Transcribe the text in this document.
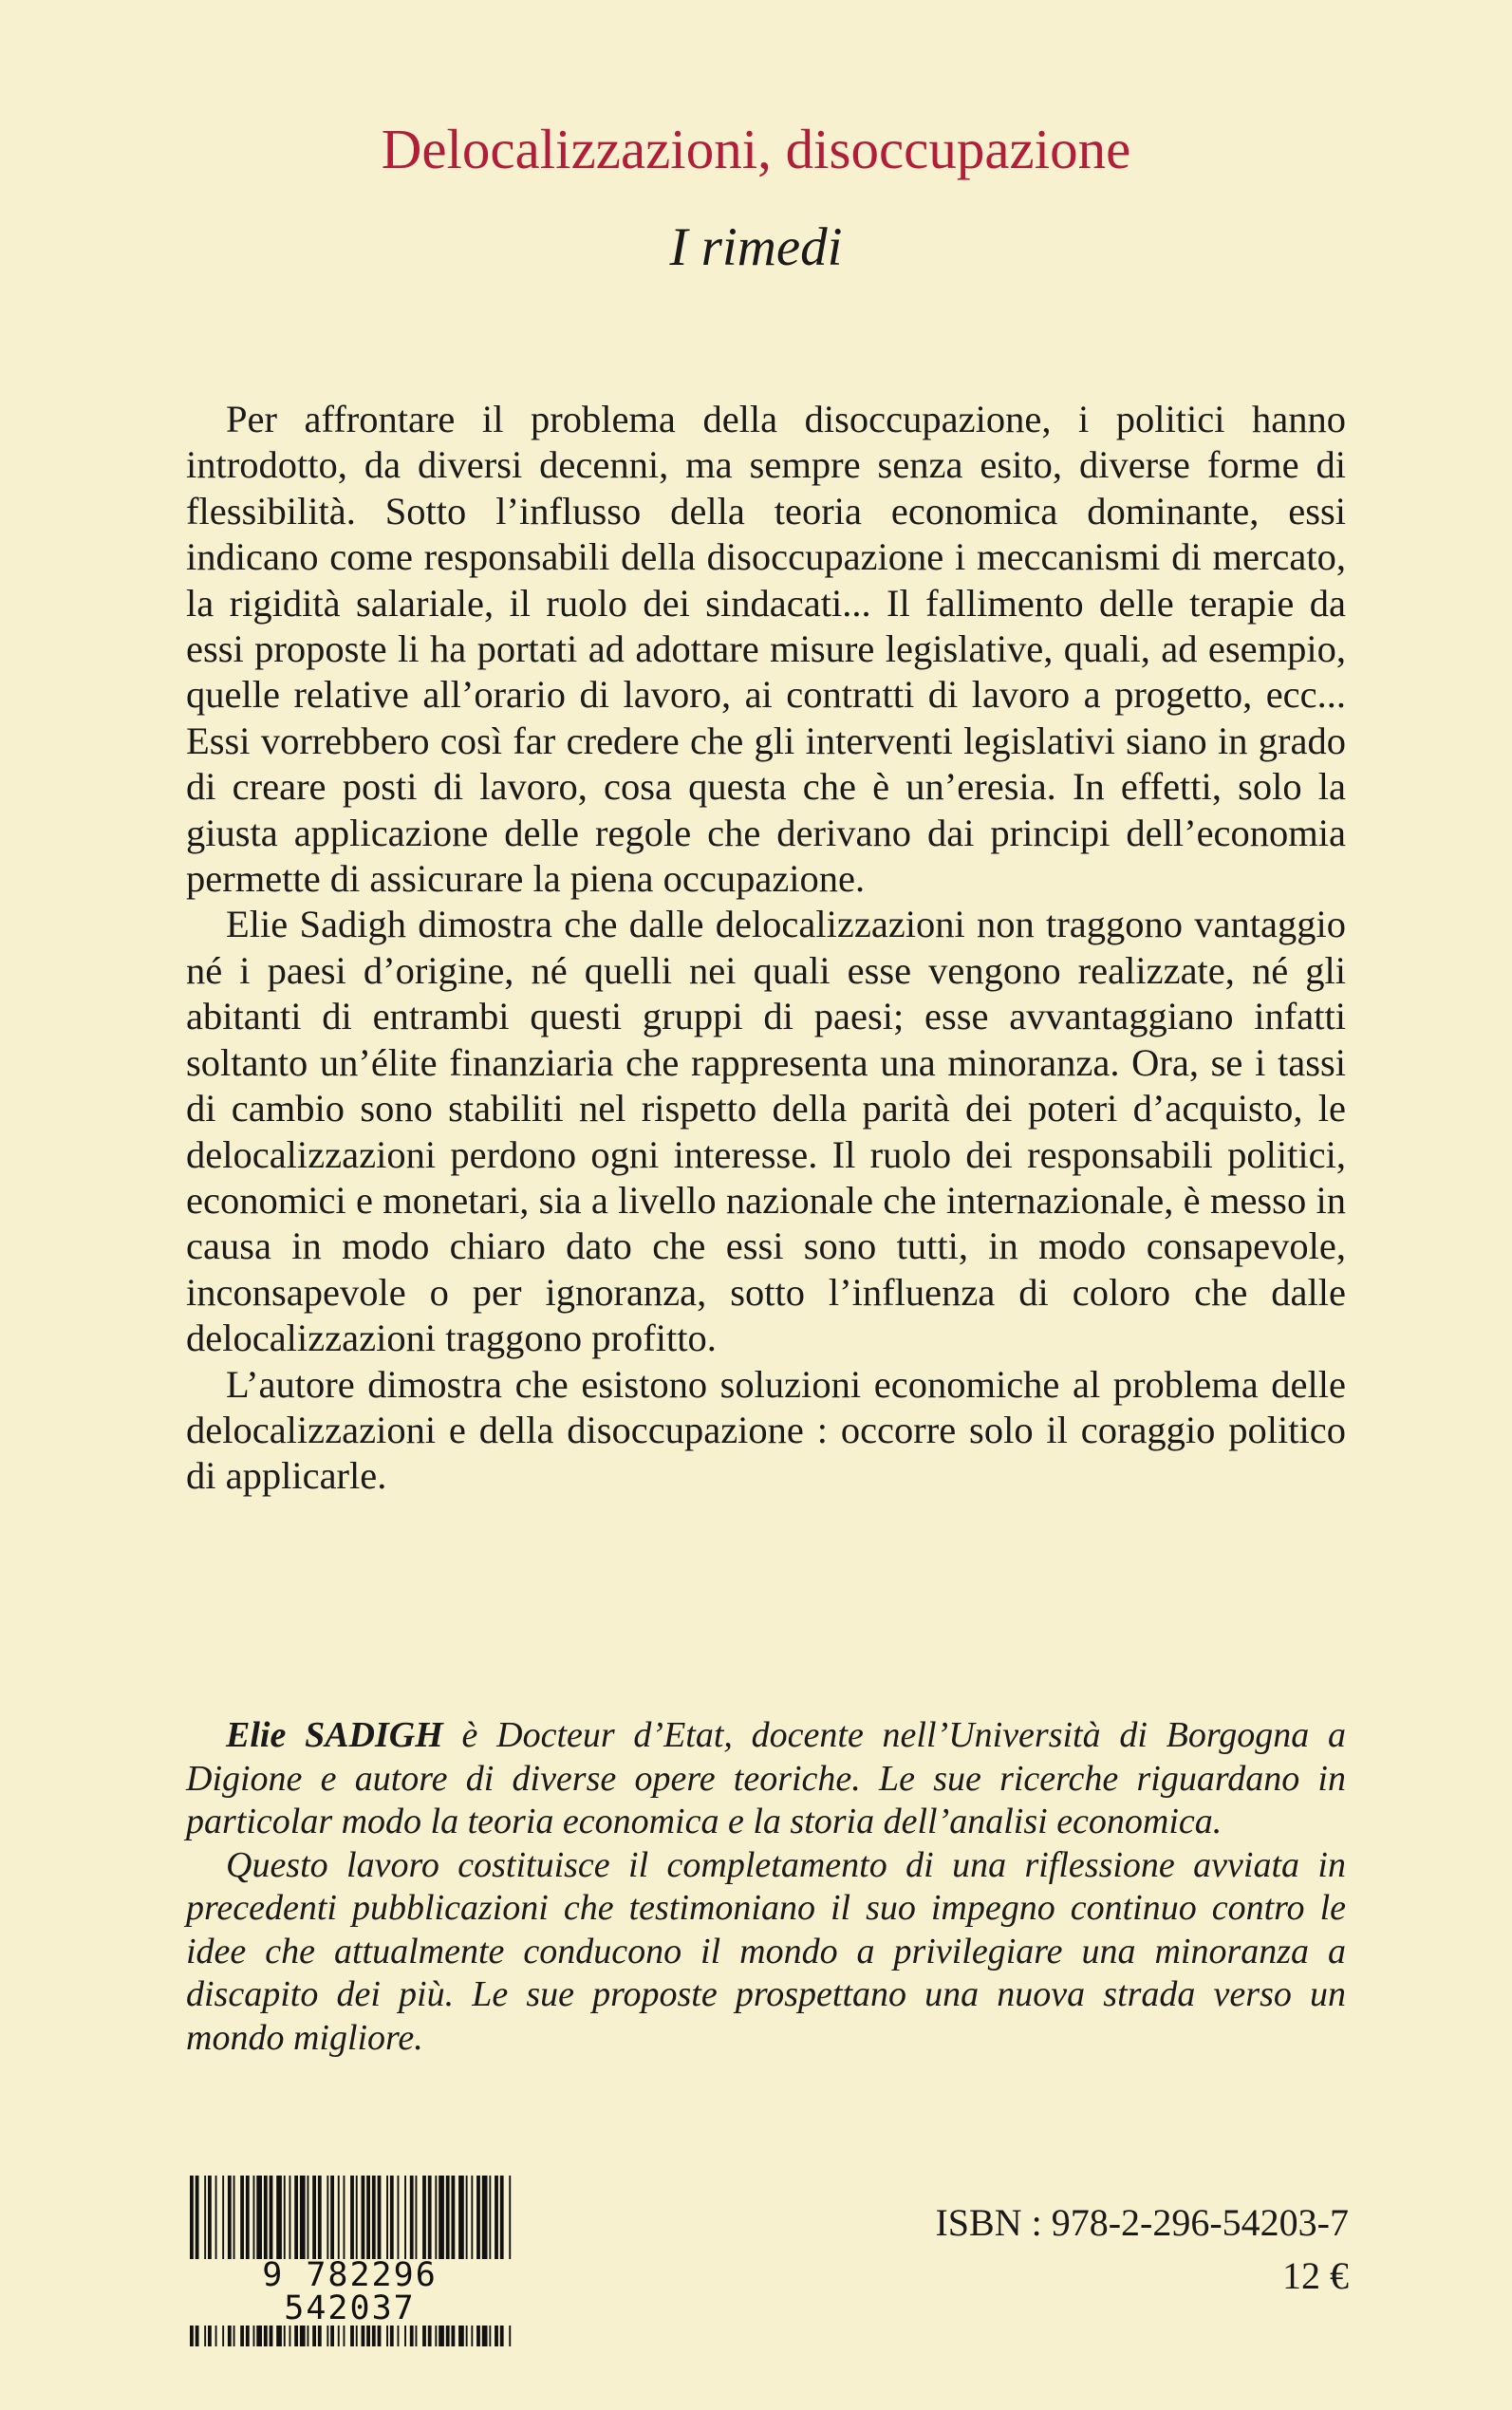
Delocalizzazioni, disoccupazione
I rimedi

Per affrontare il problema della disoccupazione, i politici hanno introdotto, da diversi decenni, ma sempre senza esito, diverse forme di flessibilità. Sotto l’influsso della teoria economica dominante, essi indicano come responsabili della disoccupazione i meccanismi di mercato, la rigidità salariale, il ruolo dei sindacati... Il fallimento delle terapie da essi proposte li ha portati ad adottare misure legislative, quali, ad esempio, quelle relative all’orario di lavoro, ai contratti di lavoro a progetto, ecc... Essi vorrebbero così far credere che gli interventi legislativi siano in grado di creare posti di lavoro, cosa questa che è un’eresia. In effetti, solo la giusta applicazione delle regole che derivano dai principi dell’economia permette di assicurare la piena occupazione.

Elie Sadigh dimostra che dalle delocalizzazioni non traggono vantaggio né i paesi d’origine, né quelli nei quali esse vengono realizzate, né gli abitanti di entrambi questi gruppi di paesi; esse avvantaggiano infatti soltanto un’élite finanziaria che rappresenta una minoranza. Ora, se i tassi di cambio sono stabiliti nel rispetto della parità dei poteri d’acquisto, le delocalizzazioni perdono ogni interesse. Il ruolo dei responsabili politici, economici e monetari, sia a livello nazionale che internazionale, è messo in causa in modo chiaro dato che essi sono tutti, in modo consapevole, inconsapevole o per ignoranza, sotto l’influenza di coloro che dalle delocalizzazioni traggono profitto.

L’autore dimostra che esistono soluzioni economiche al problema delle delocalizzazioni e della disoccupazione : occorre solo il coraggio politico di applicarle.

Elie SADIGH è Docteur d’Etat, docente nell’Università di Borgogna a Digione e autore di diverse opere teoriche. Le sue ricerche riguardano in particolar modo la teoria economica e la storia dell’analisi economica.

Questo lavoro costituisce il completamento di una riflessione avviata in precedenti pubblicazioni che testimoniano il suo impegno continuo contro le idee che attualmente conducono il mondo a privilegiare una minoranza a discapito dei più. Le sue proposte prospettano una nuova strada verso un mondo migliore.

9 782296 542037
ISBN : 978-2-296-54203-7
12 €
